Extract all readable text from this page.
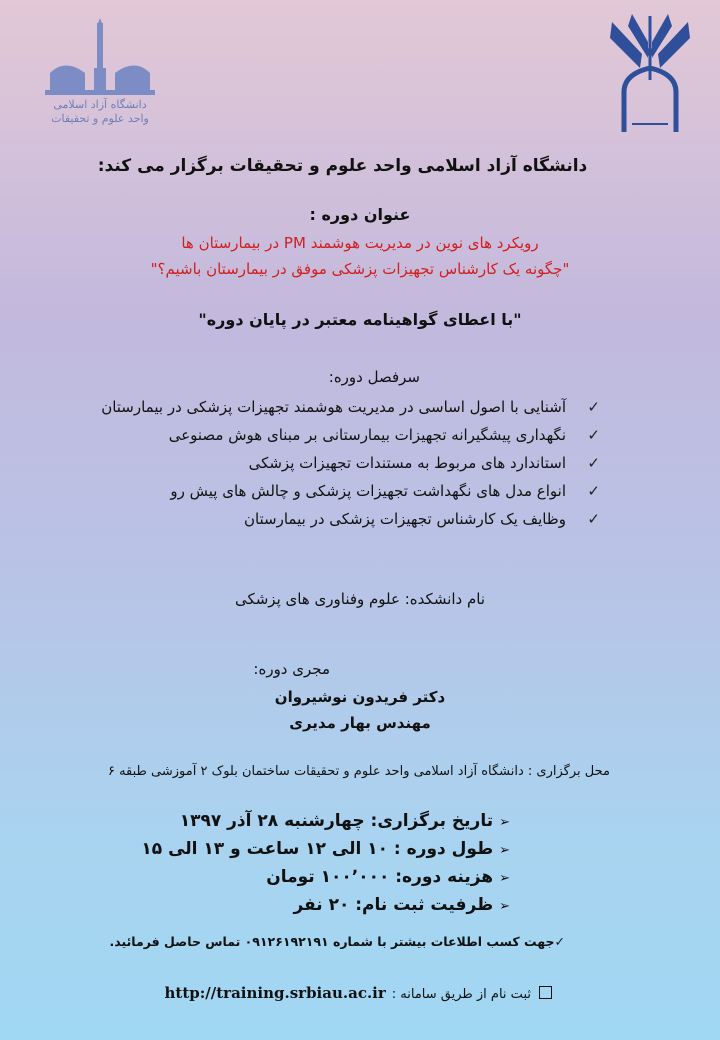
دانشگاه آزاد اسلامی
واحد علوم و تحقیقات
دانشگاه آزاد اسلامی واحد علوم و تحقیقات برگزار می کند:
عنوان دوره :
رویکرد های نوین در مدیریت هوشمند PM در بیمارستان ها
"چگونه یک کارشناس تجهیزات پزشکی موفق در بیمارستان باشیم؟"
"با اعطای گواهینامه معتبر در پایان دوره"
سرفصل دوره:
✓آشنایی با اصول اساسی در مدیریت هوشمند تجهیزات پزشکی در بیمارستان
✓نگهداری پیشگیرانه تجهیزات بیمارستانی بر مبنای هوش مصنوعی
✓استاندارد های مربوط به مستندات تجهیزات پزشکی
✓انواع مدل های نگهداشت تجهیزات پزشکی و چالش های پیش رو
✓وظایف یک کارشناس تجهیزات پزشکی در بیمارستان
نام دانشکده: علوم وفناوری های پزشکی
مجری دوره:
دکتر فریدون نوشیروان
مهندس بهار مدیری
محل برگزاری : دانشگاه آزاد اسلامی واحد علوم و تحقیقات ساختمان بلوک ۲ آموزشی طبقه ۶
➢تاریخ برگزاری: چهارشنبه ۲۸ آذر ۱۳۹۷
➢طول دوره : ۱۰ الی ۱۲ ساعت و ۱۳ الی ۱۵
➢هزینه دوره: ۱۰۰٬۰۰۰ تومان
➢ظرفیت ثبت نام: ۲۰ نفر
✓جهت کسب اطلاعات بیشتر با شماره ۰۹۱۲۶۱۹۲۱۹۱ تماس حاصل فرمائید.
ثبت نام از طریق سامانه :http://training.srbiau.ac.ir
